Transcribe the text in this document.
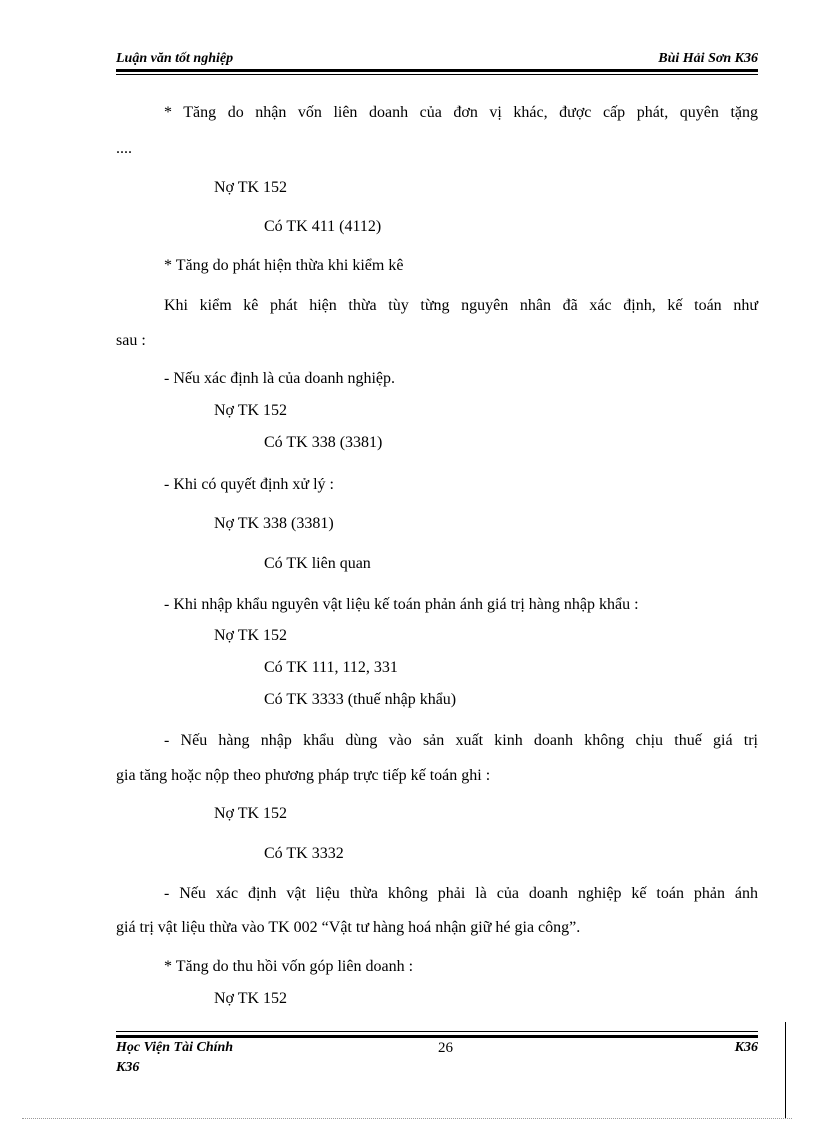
Luận văn tốt nghiệp	Bùi Hải Sơn K36
* Tăng do nhận vốn liên doanh của đơn vị khác, được cấp phát, quyên tặng
....
Nợ TK 152
Có TK 411 (4112)
* Tăng do phát hiện thừa khi kiểm kê
Khi kiểm kê phát hiện thừa tùy từng nguyên nhân đã xác định, kế toán như
sau :
- Nếu xác định là của doanh nghiệp.
Nợ TK 152
Có TK 338 (3381)
- Khi có quyết định xử lý :
Nợ TK 338 (3381)
Có TK liên quan
- Khi nhập khẩu nguyên vật liệu kế toán phản ánh giá trị hàng nhập khẩu :
Nợ TK 152
Có TK 111, 112, 331
Có TK 3333 (thuế nhập khẩu)
- Nếu hàng nhập khẩu dùng vào sản xuất kinh doanh không chịu thuế giá trị
gia tăng hoặc nộp theo phương pháp trực tiếp kế toán ghi :
Nợ TK 152
Có TK 3332
- Nếu xác định vật liệu thừa không phải là của doanh nghiệp kế toán phản ánh
giá trị vật liệu thừa vào TK 002 “Vật tư hàng hoá nhận giữ hé gia công”.
* Tăng do thu hồi vốn góp liên doanh :
Nợ TK 152
Học Viện Tài Chính	26	K36
K36
